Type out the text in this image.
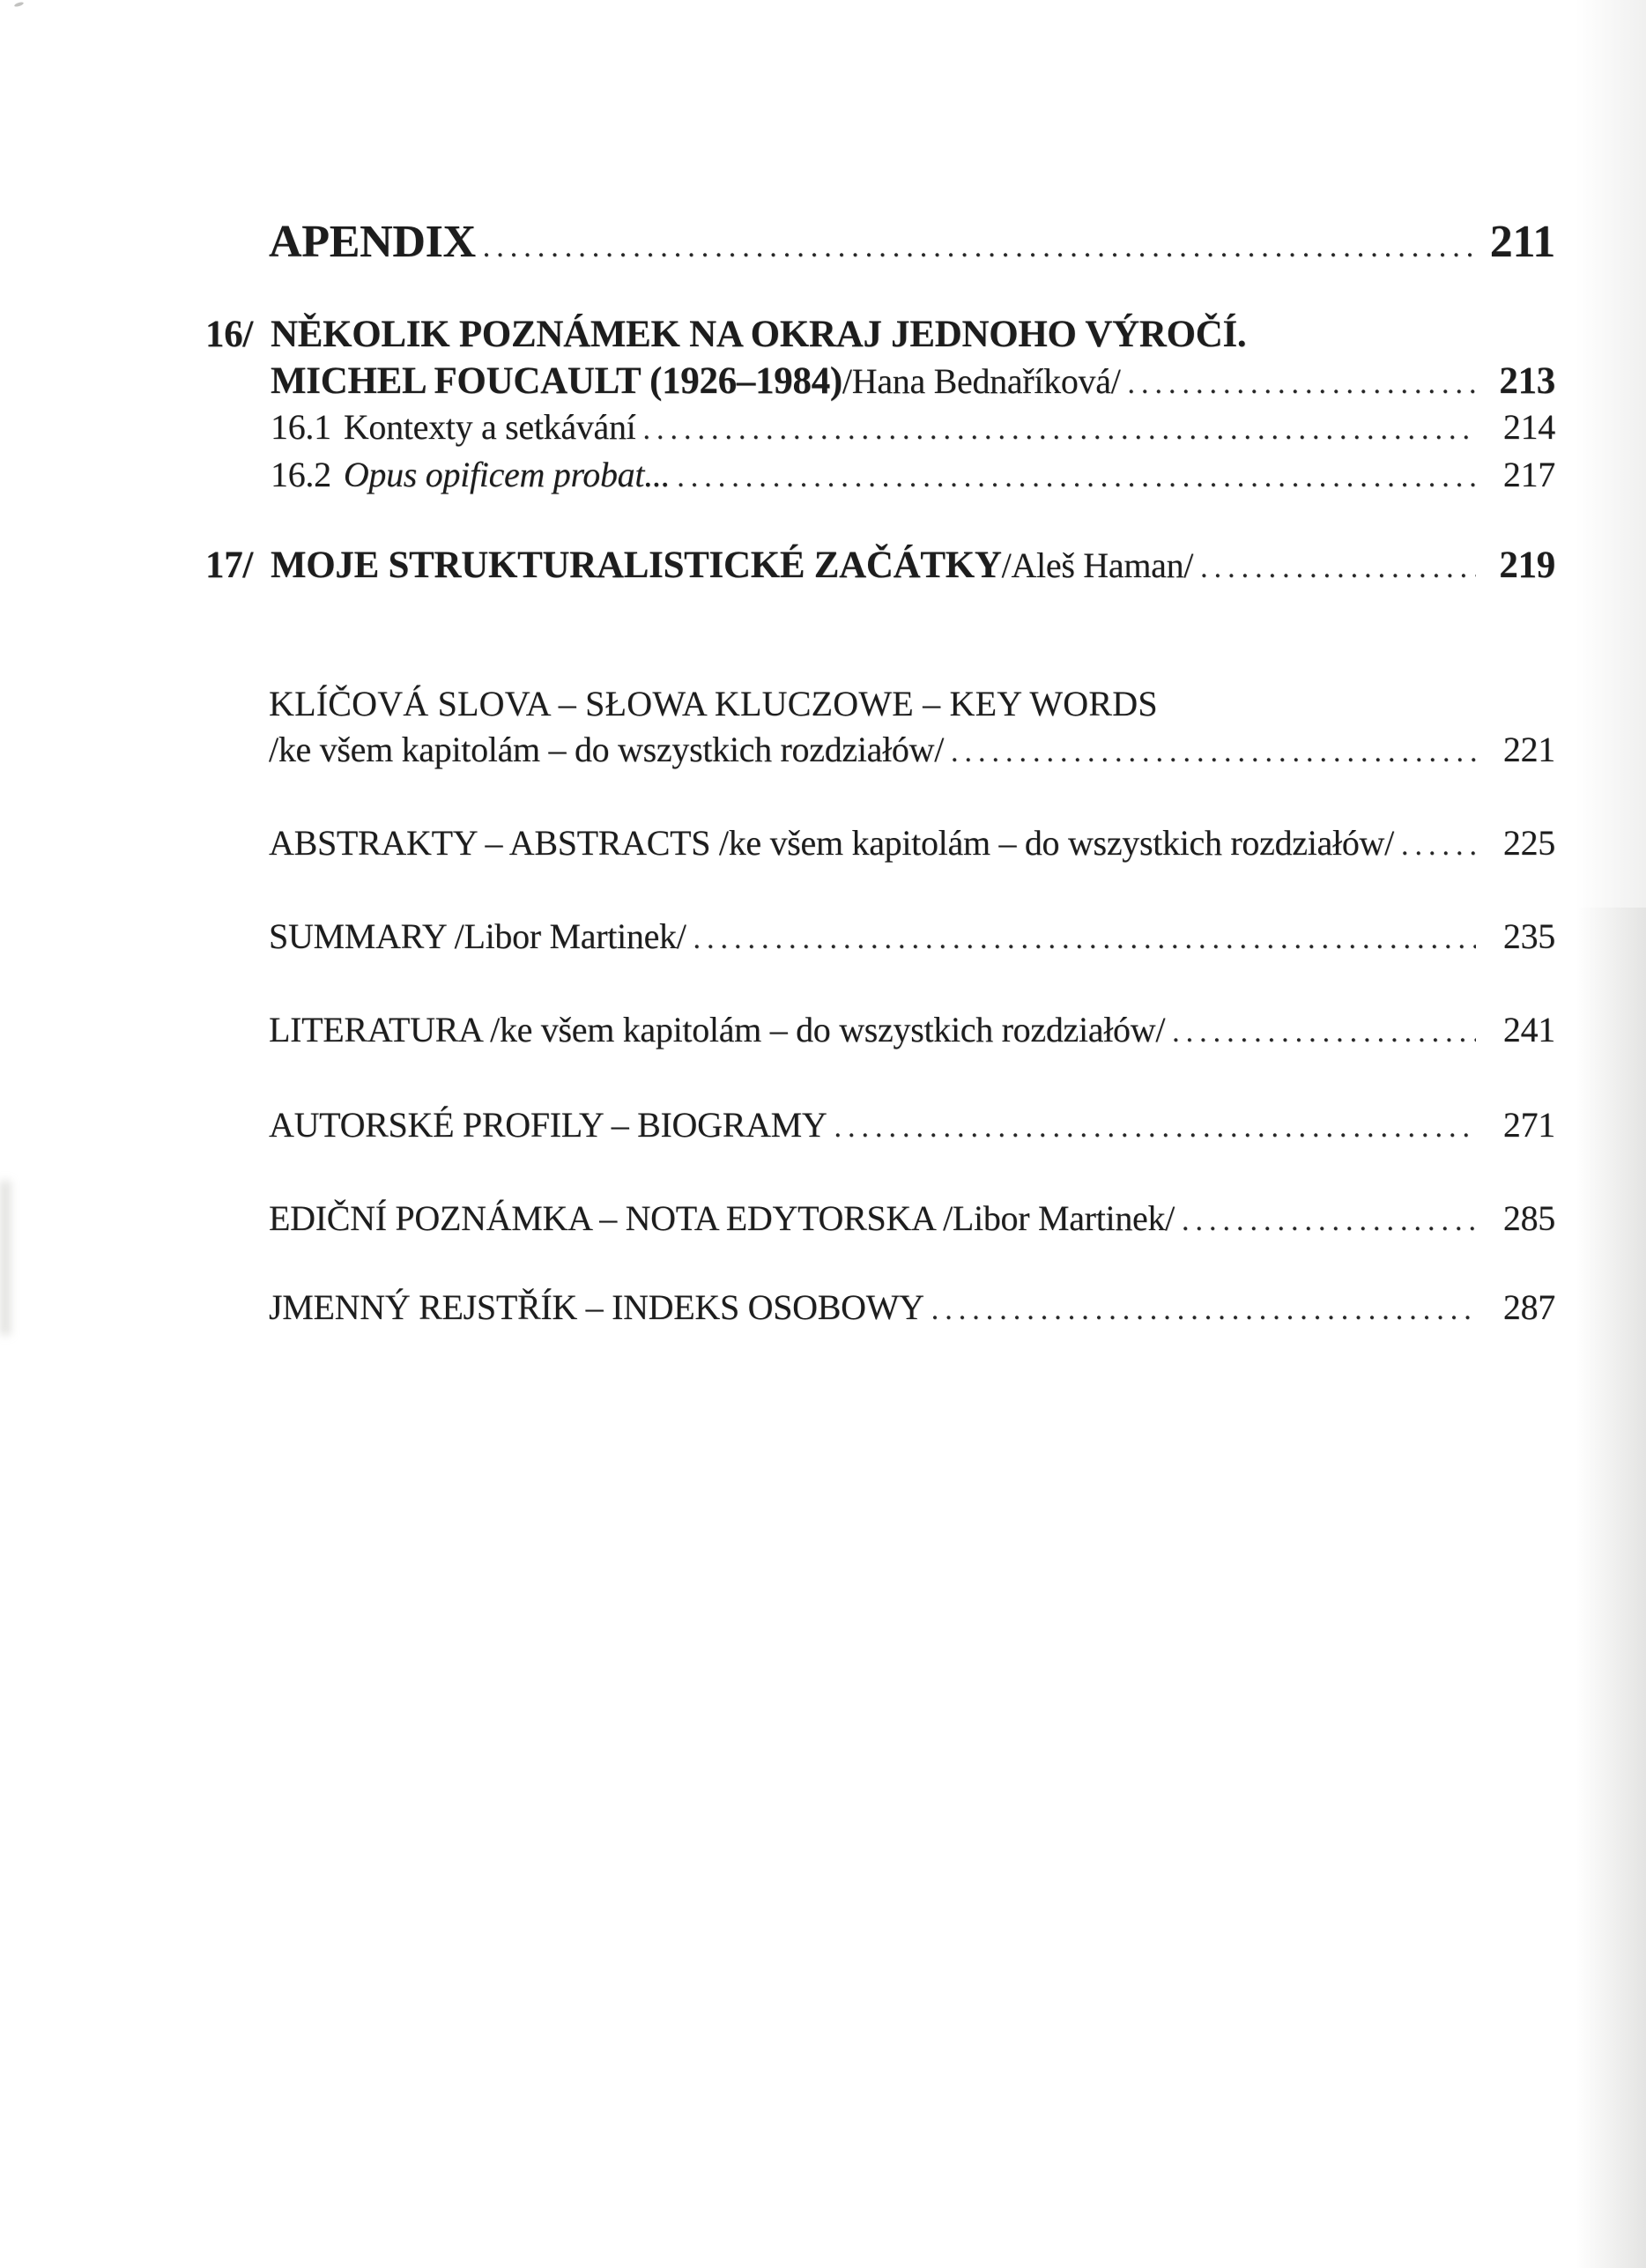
APENDIX .....	211
16/ NĚKOLIK POZNÁMEK NA OKRAJ JEDNOHO VÝROČÍ.
MICHEL FOUCAULT (1926–1984) /Hana Bednaříková/ .....	213
16.1 Kontexty a setkávání .....	214
16.2 Opus opificem probat... .....	217
17/ MOJE STRUKTURALISTICKÉ ZAČÁTKY /Aleš Haman/ .....	219
KLÍČOVÁ SLOVA – SŁOWA KLUCZOWE – KEY WORDS
/ke všem kapitolám – do wszystkich rozdziałów/ .....	221
ABSTRAKTY – ABSTRACTS /ke všem kapitolám – do wszystkich rozdziałów/ .....	225
SUMMARY /Libor Martinek/ .....	235
LITERATURA /ke všem kapitolám – do wszystkich rozdziałów/ .....	241
AUTORSKÉ PROFILY – BIOGRAMY .....	271
EDIČNÍ POZNÁMKA – NOTA EDYTORSKA /Libor Martinek/ .....	285
JMENNÝ REJSTŘÍK – INDEKS OSOBOWY .....	287
